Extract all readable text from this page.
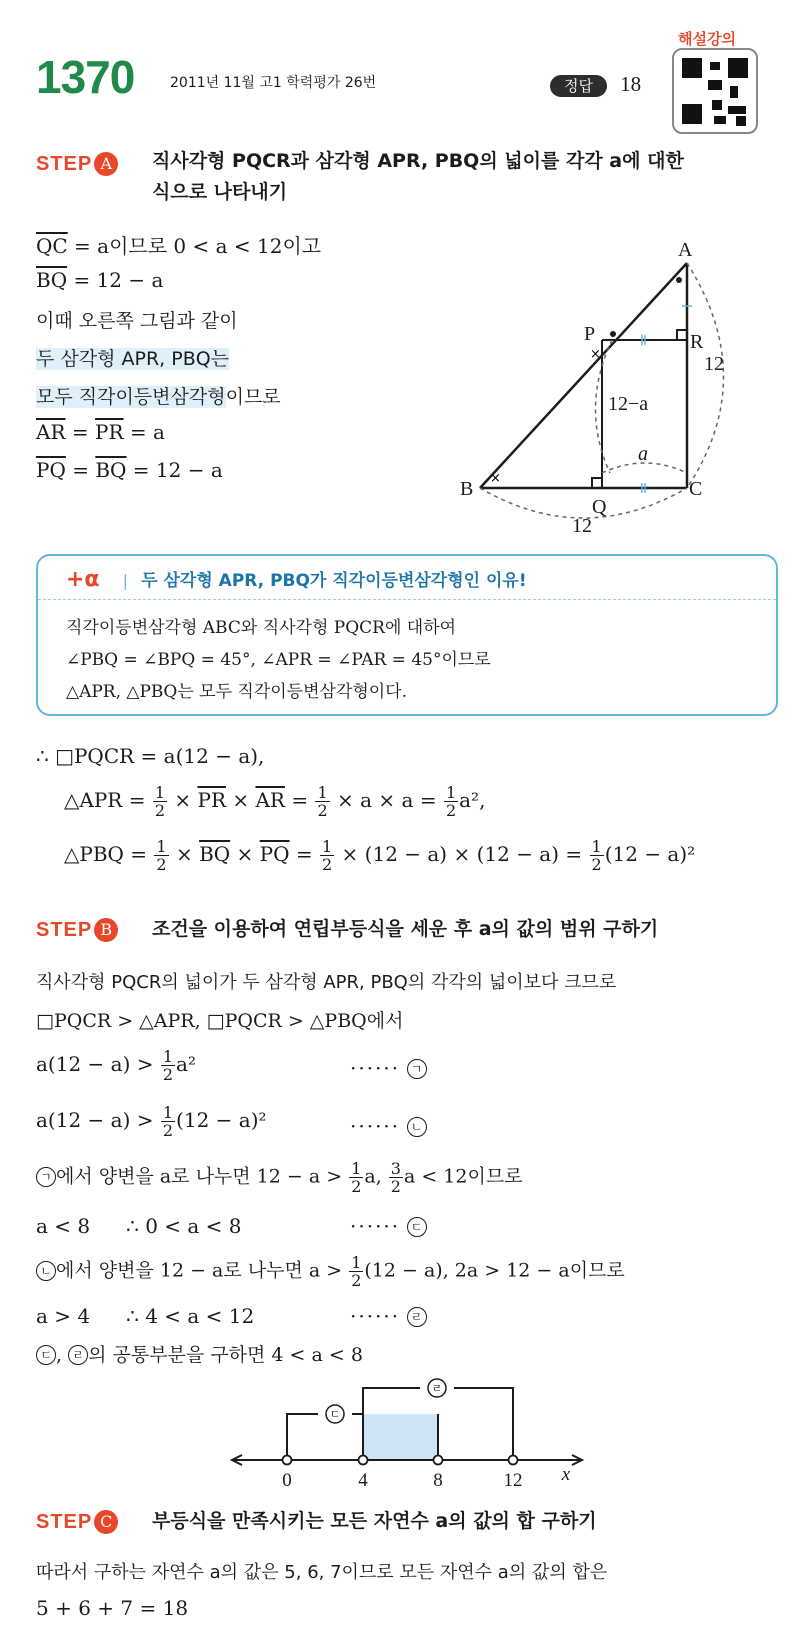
1370	2011년 11월 고1 학력평가 26번	정답 18
해설강의
STEP A	직사각형 PQCR과 삼각형 APR, PBQ의 넓이를 각각 a에 대한
식으로 나타내기
$\overline{QC} = a$이므로 0 < a < 12이고
$\overline{BQ} = 12 - a$
이때 오른쪽 그림과 같이
두 삼각형 APR, PBQ는
모두 직각이등변삼각형이므로
$\overline{AR} = \overline{PR} = a$
$\overline{PQ} = \overline{BQ} = 12 - a$	×
×
A
P	R
B
Q
C
12
12
12−a
a
+α | 두 삼각형 APR, PBQ가 직각이등변삼각형인 이유!
직각이등변삼각형 ABC와 직사각형 PQCR에 대하여
∠PBQ = ∠BPQ = 45°, ∠APR = ∠PAR = 45°이므로
△APR, △PBQ는 모두 직각이등변삼각형이다.
∴ □PQCR = a(12 − a),
△APR = $\frac{1}{2} \times \overline{PR} \times \overline{AR} = \frac{1}{2} \times a \times a = \frac{1}{2} a^2$,
△PBQ = $\frac{1}{2} \times \overline{BQ} \times \overline{PQ} = \frac{1}{2} \times (12 - a) \times (12 - a) = \frac{1}{2} (12 - a)^2$
STEP B	조건을 이용하여 연립부등식을 세운 후 a의 값의 범위 구하기
직사각형 PQCR의 넓이가 두 삼각형 APR, PBQ의 각각의 넓이보다 크므로
□PQCR > △APR, □PQCR > △PBQ에서
$a(12 - a) > \frac{1}{2} a^2$	······ ㄱ
$a(12 - a) > \frac{1}{2} (12 - a)^2$	······ ㄴ
ㄱ 에서 양변을 a로 나누면 $12 - a > \frac{1}{2} a$, $\frac{3}{2}$ a < 12이므로
a < 8 ∴ 0 < a < 8	······ ㄷ
ㄴ 에서 양변을 12 − a로 나누면 $a > \frac{1}{2} (12 - a)$, 2a > 12 − a이므로
a > 4 ∴ 4 < a < 12	······ ㄹ
ㄷ , ㄹ 의 공통부분을 구하면 4 < a < 8
ㄷ
ㄹ
0	4	8	12 x
STEP C	부등식을 만족시키는 모든 자연수 a의 값의 합 구하기
따라서 구하는 자연수 a의 값은 5, 6, 7이므로 모든 자연수 a의 값의 합은
5 + 6 + 7 = 18
